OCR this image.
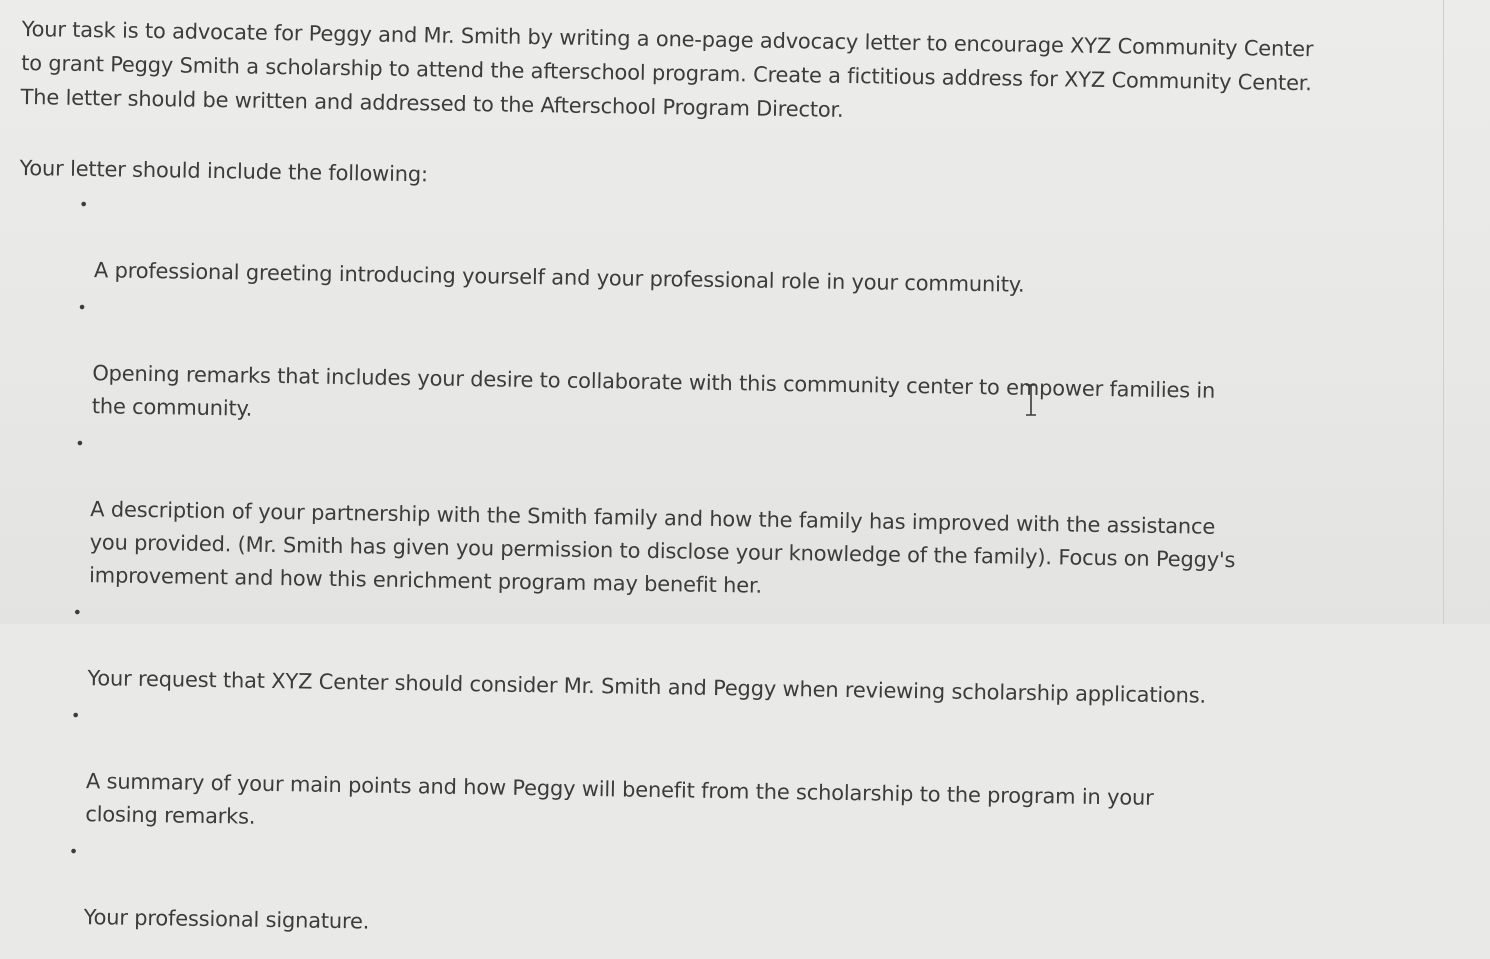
Your task is to advocate for Peggy and Mr. Smith by writing a one-page advocacy letter to encourage XYZ Community Center
to grant Peggy Smith a scholarship to attend the afterschool program. Create a fictitious address for XYZ Community Center.
The letter should be written and addressed to the Afterschool Program Director.

Your letter should include the following:

•

A professional greeting introducing yourself and your professional role in your community.

•

Opening remarks that includes your desire to collaborate with this community center to empower families in
the community.

•

A description of your partnership with the Smith family and how the family has improved with the assistance
you provided. (Mr. Smith has given you permission to disclose your knowledge of the family). Focus on Peggy's
improvement and how this enrichment program may benefit her.

•

Your request that XYZ Center should consider Mr. Smith and Peggy when reviewing scholarship applications.

•

A summary of your main points and how Peggy will benefit from the scholarship to the program in your
closing remarks.

•

Your professional signature.
